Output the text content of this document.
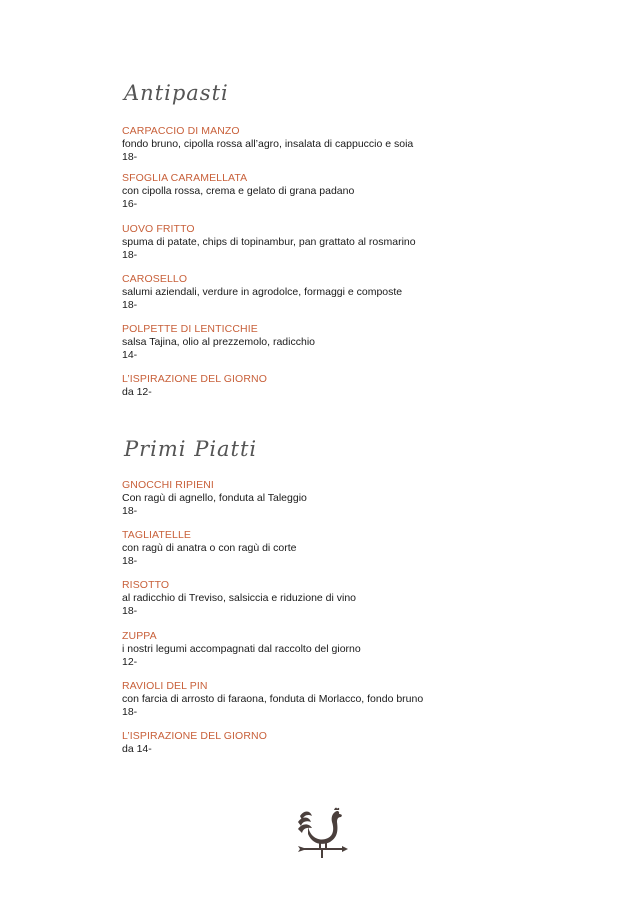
Antipasti
CARPACCIO DI MANZO
fondo bruno, cipolla rossa all’agro, insalata di cappuccio e soia
18-
SFOGLIA CARAMELLATA
con cipolla rossa, crema e gelato di grana padano
16-
UOVO FRITTO
spuma di patate, chips di topinambur, pan grattato al rosmarino
18-
CAROSELLO
salumi aziendali, verdure in agrodolce, formaggi e composte
18-
POLPETTE DI LENTICCHIE
salsa Tajina, olio al prezzemolo, radicchio
14-
L’ISPIRAZIONE DEL GIORNO
da 12-
Primi Piatti
GNOCCHI RIPIENI
Con ragù di agnello, fonduta al Taleggio
18-
TAGLIATELLE
con ragù di anatra o con ragù di corte
18-
RISOTTO
al radicchio di Treviso, salsiccia e riduzione di vino
18-
ZUPPA
i nostri legumi accompagnati dal raccolto del giorno
12-
RAVIOLI DEL PIN
con farcia di arrosto di faraona, fonduta di Morlacco, fondo bruno
18-
L’ISPIRAZIONE DEL GIORNO
da 14-
